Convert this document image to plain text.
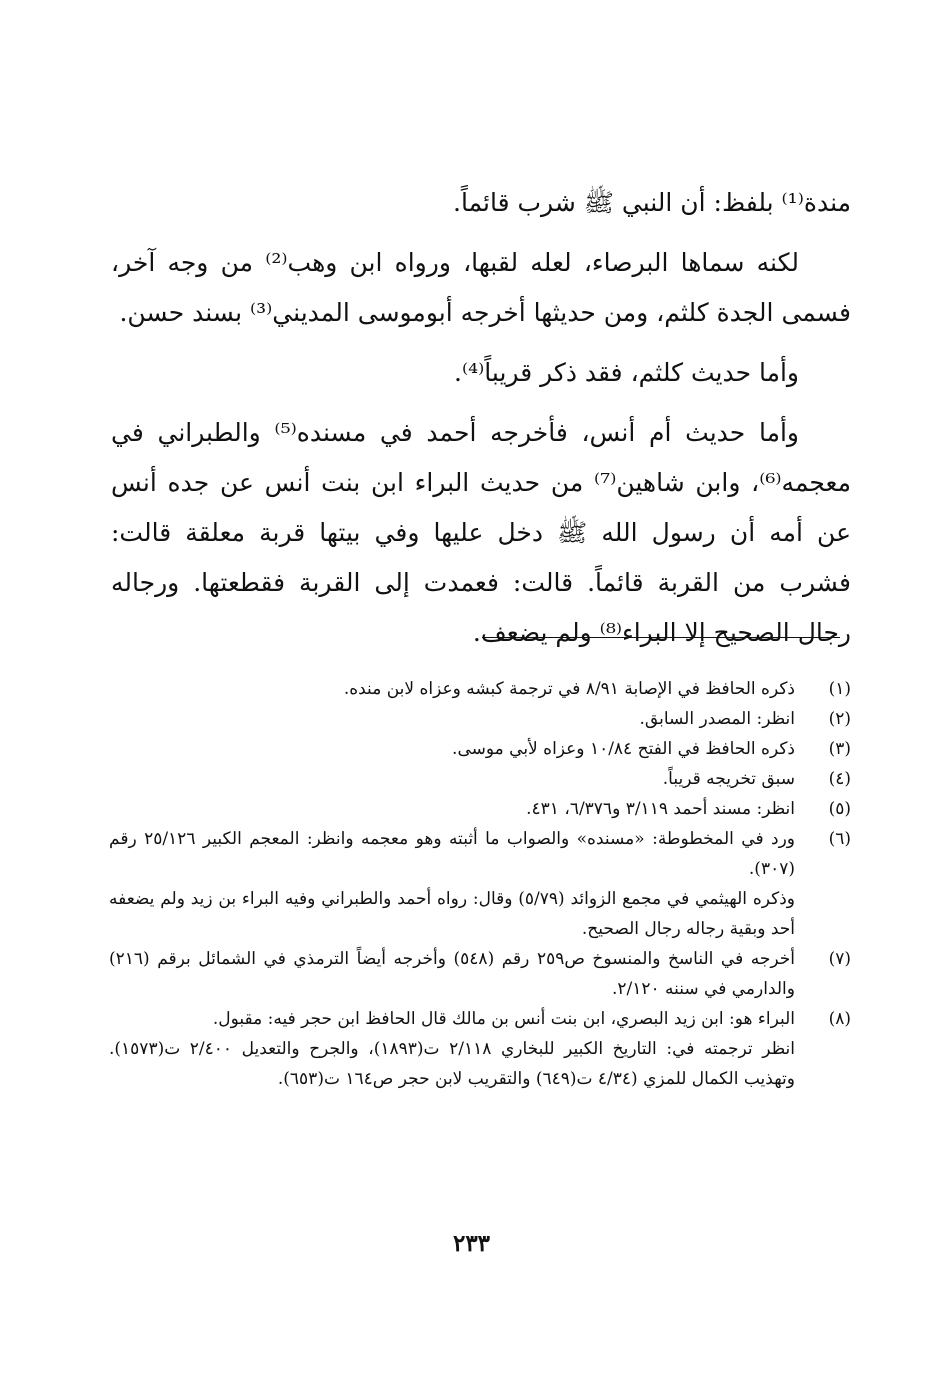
مندة⁽¹⁾ بلفظ: أن النبي ﷺ شرب قائماً.

لكنه سماها البرصاء، لعله لقبها، ورواه ابن وهب⁽²⁾ من وجه آخر، فسمى الجدة كلثم، ومن حديثها أخرجه أبوموسى المديني⁽³⁾ بسند حسن.

وأما حديث كلثم، فقد ذكر قريباً⁽⁴⁾.

وأما حديث أم أنس، فأخرجه أحمد في مسنده⁽⁵⁾ والطبراني في معجمه⁽⁶⁾، وابن شاهين⁽⁷⁾ من حديث البراء ابن بنت أنس عن جده أنس عن أمه أن رسول الله ﷺ دخل عليها وفي بيتها قربة معلقة قالت: فشرب من القربة قائماً. قالت: فعمدت إلى القربة فقطعتها. ورجاله رجال الصحيح إلا البراء⁽⁸⁾ ولم يضعف.

(١)
ذكره الحافظ في الإصابة ٨/٩١ في ترجمة كبشه وعزاه لابن منده.
(٢)
انظر: المصدر السابق.
(٣)
ذكره الحافظ في الفتح ١٠/٨٤ وعزاه لأبي موسى.
(٤)
سبق تخريجه قريباً.
(٥)
انظر: مسند أحمد ٣/١١٩ و٦/٣٧٦، ٤٣١.
(٦)
ورد في المخطوطة: «مسنده» والصواب ما أثبته وهو معجمه وانظر: المعجم الكبير ٢٥/١٢٦ رقم (٣٠٧).
وذكره الهيثمي في مجمع الزوائد (٥/٧٩) وقال: رواه أحمد والطبراني وفيه البراء بن زيد ولم يضعفه أحد وبقية رجاله رجال الصحيح.
(٧)
أخرجه في الناسخ والمنسوخ ص٢٥٩ رقم (٥٤٨) وأخرجه أيضاً الترمذي في الشمائل برقم (٢١٦) والدارمي في سننه ٢/١٢٠.
(٨)
البراء هو: ابن زيد البصري، ابن بنت أنس بن مالك قال الحافظ ابن حجر فيه: مقبول.
انظر ترجمته في: التاريخ الكبير للبخاري ٢/١١٨ ت(١٨٩٣)، والجرح والتعديل ٢/٤٠٠ ت(١٥٧٣). وتهذيب الكمال للمزي (٤/٣٤ ت(٦٤٩) والتقريب لابن حجر ص١٦٤ ت(٦٥٣).
٢٣٣
